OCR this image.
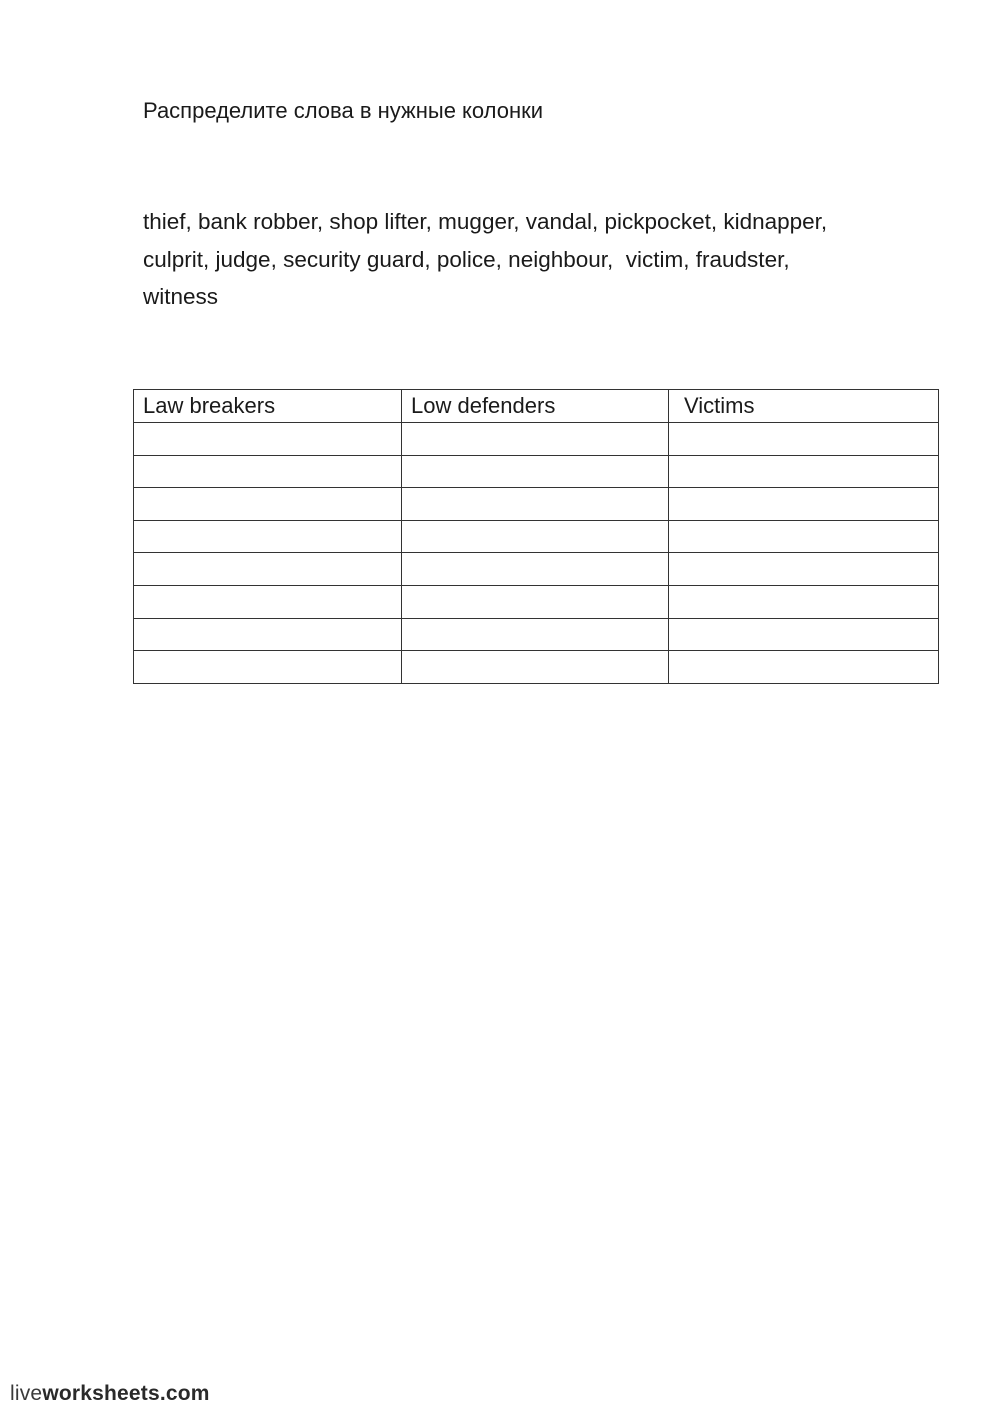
Распределите слова в нужные колонки

thief, bank robber, shop lifter, mugger, vandal, pickpocket, kidnapper,
culprit, judge, security guard, police, neighbour,  victim, fraudster,
witness

Law breakers	Low defenders	Victims

liveworksheets.com
